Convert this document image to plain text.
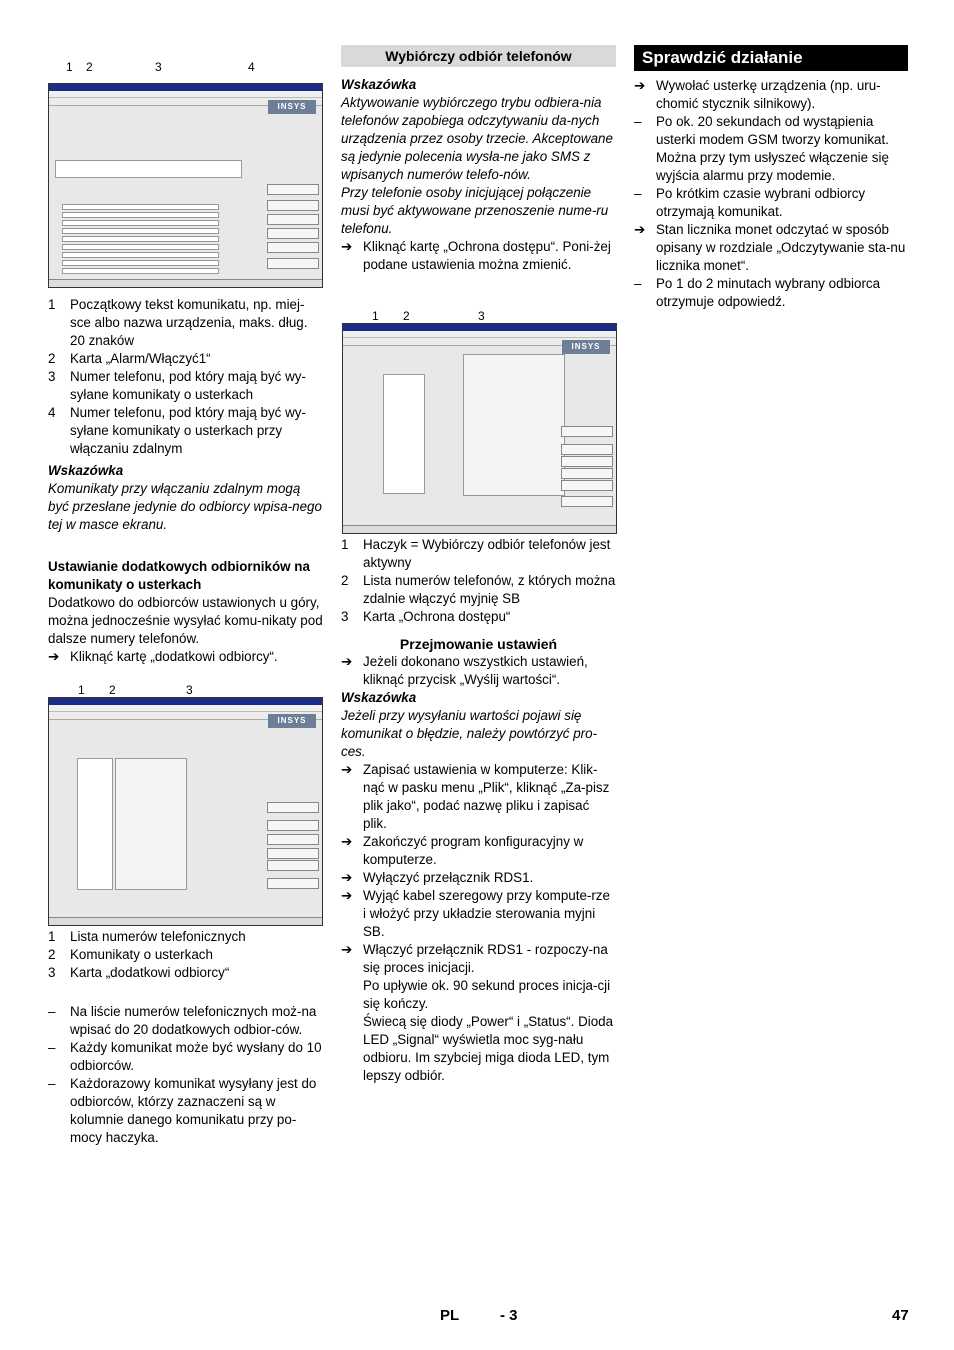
INSYS
1 2	3	4
1 Początkowy tekst komunikatu, np. miej-sce albo nazwa urządzenia, maks. dług. 20 znaków
2 Karta „Alarm/Włączyć1“
3 Numer telefonu, pod który mają być wy-syłane komunikaty o usterkach
4 Numer telefonu, pod który mają być wy-syłane komunikaty o usterkach przy włączaniu zdalnym

Wskazówka

Komunikaty przy włączaniu zdalnym mogą być przesłane jedynie do odbiorcy wpisa-nego tej w masce ekranu.

Ustawianie dodatkowych odbiorników na komunikaty o usterkach

Dodatkowo do odbiorców ustawionych u góry, można jednocześnie wysyłać komu-nikaty pod dalsze numery telefonów.

➔ Kliknąć kartę „dodatkowi odbiorcy“.
INSYS
1 2	3
1 Lista numerów telefonicznych
2 Komunikaty o usterkach
3 Karta „dodatkowi odbiorcy“
– Na liście numerów telefonicznych moż-na wpisać do 20 dodatkowych odbior-ców.
– Każdy komunikat może być wysłany do 10 odbiorców.
– Każdorazowy komunikat wysyłany jest do odbiorców, którzy zaznaczeni są w kolumnie danego komunikatu przy po-mocy haczyka.
Wybiórczy odbiór telefonów

Wskazówka

Aktywowanie wybiórczego trybu odbiera-nia telefonów zapobiega odczytywaniu da-nych urządzenia przez osoby trzecie. Akceptowane są jedynie polecenia wysła-ne jako SMS z wpisanych numerów telefo-nów.

Przy telefonie osoby inicjującej połączenie musi być aktywowane przenoszenie nume-ru telefonu.

➔ Kliknąć kartę „Ochrona dostępu“. Poni-żej podane ustawienia można zmienić.
INSYS
1 2	3
1 Haczyk = Wybiórczy odbiór telefonów jest aktywny
2 Lista numerów telefonów, z których można zdalnie włączyć myjnię SB
3 Karta „Ochrona dostępu“

Przejmowanie ustawień

➔ Jeżeli dokonano wszystkich ustawień, kliknąć przycisk „Wyślij wartości“.

Wskazówka

Jeżeli przy wysyłaniu wartości pojawi się komunikat o błędzie, należy powtórzyć pro-ces.

➔ Zapisać ustawienia w komputerze: Klik-nąć w pasku menu „Plik“, kliknąć „Za-pisz plik jako“, podać nazwę pliku i zapisać plik.
➔ Zakończyć program konfiguracyjny w komputerze.
➔ Wyłączyć przełącznik RDS1.
➔ Wyjąć kabel szeregowy przy kompute-rze i włożyć przy układzie sterowania myjni SB.
➔ Włączyć przełącznik RDS1 - rozpoczy-na się proces inicjacji.

Po upływie ok. 90 sekund proces inicja-cji się kończy.

Świecą się diody „Power“ i „Status“. Dioda LED „Signal“ wyświetla moc syg-nału odbioru. Im szybciej miga dioda LED, tym lepszy odbiór.

Sprawdzić działanie
➔ Wywołać usterkę urządzenia (np. uru-chomić stycznik silnikowy).
– Po ok. 20 sekundach od wystąpienia usterki modem GSM tworzy komunikat. Można przy tym usłyszeć włączenie się wyjścia alarmu przy modemie.
– Po krótkim czasie wybrani odbiorcy otrzymają komunikat.
➔ Stan licznika monet odczytać w sposób opisany w rozdziale „Odczytywanie sta-nu licznika monet“.
– Po 1 do 2 minutach wybrany odbiorca otrzymuje odpowiedź.
PL	- 3	47
